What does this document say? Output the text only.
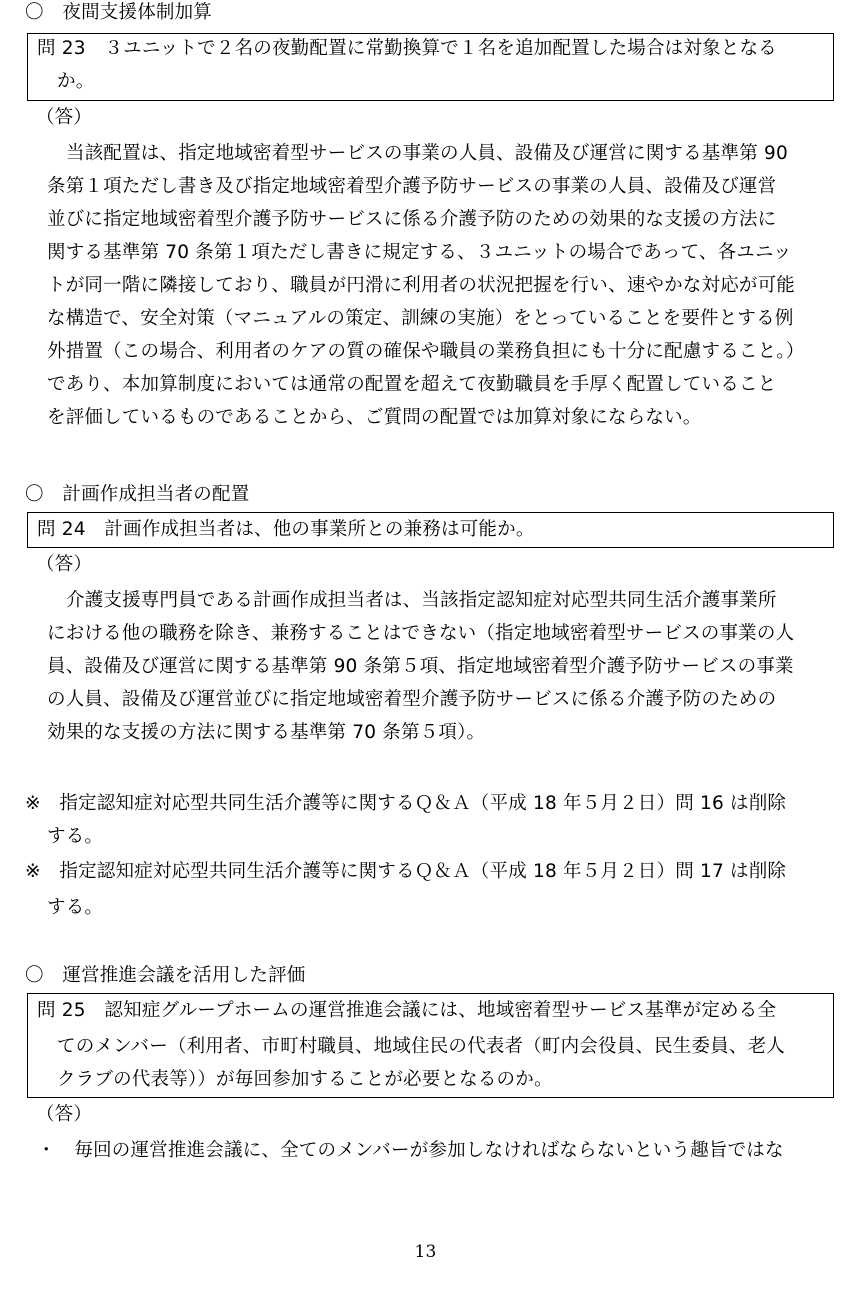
〇　夜間支援体制加算
問 23　３ユニットで２名の夜勤配置に常勤換算で１名を追加配置した場合は対象となる
か。
（答）
当該配置は、指定地域密着型サービスの事業の人員、設備及び運営に関する基準第 90
条第１項ただし書き及び指定地域密着型介護予防サービスの事業の人員、設備及び運営
並びに指定地域密着型介護予防サービスに係る介護予防のための効果的な支援の方法に
関する基準第 70 条第１項ただし書きに規定する、３ユニットの場合であって、各ユニッ
トが同一階に隣接しており、職員が円滑に利用者の状況把握を行い、速やかな対応が可能
な構造で、安全対策（マニュアルの策定、訓練の実施）をとっていることを要件とする例
外措置（この場合、利用者のケアの質の確保や職員の業務負担にも十分に配慮すること。）
であり、本加算制度においては通常の配置を超えて夜勤職員を手厚く配置していること
を評価しているものであることから、ご質問の配置では加算対象にならない。
〇　計画作成担当者の配置
問 24　計画作成担当者は、他の事業所との兼務は可能か。
（答）
介護支援専門員である計画作成担当者は、当該指定認知症対応型共同生活介護事業所
における他の職務を除き、兼務することはできない（指定地域密着型サービスの事業の人
員、設備及び運営に関する基準第 90 条第５項、指定地域密着型介護予防サービスの事業
の人員、設備及び運営並びに指定地域密着型介護予防サービスに係る介護予防のための
効果的な支援の方法に関する基準第 70 条第５項）。
※　指定認知症対応型共同生活介護等に関するＱ＆Ａ（平成 18 年５月２日）問 16 は削除
する。
※　指定認知症対応型共同生活介護等に関するＱ＆Ａ（平成 18 年５月２日）問 17 は削除
する。
〇　運営推進会議を活用した評価
問 25　認知症グループホームの運営推進会議には、地域密着型サービス基準が定める全
てのメンバー（利用者、市町村職員、地域住民の代表者（町内会役員、民生委員、老人
クラブの代表等））が毎回参加することが必要となるのか。
（答）
・　毎回の運営推進会議に、全てのメンバーが参加しなければならないという趣旨ではな
13
